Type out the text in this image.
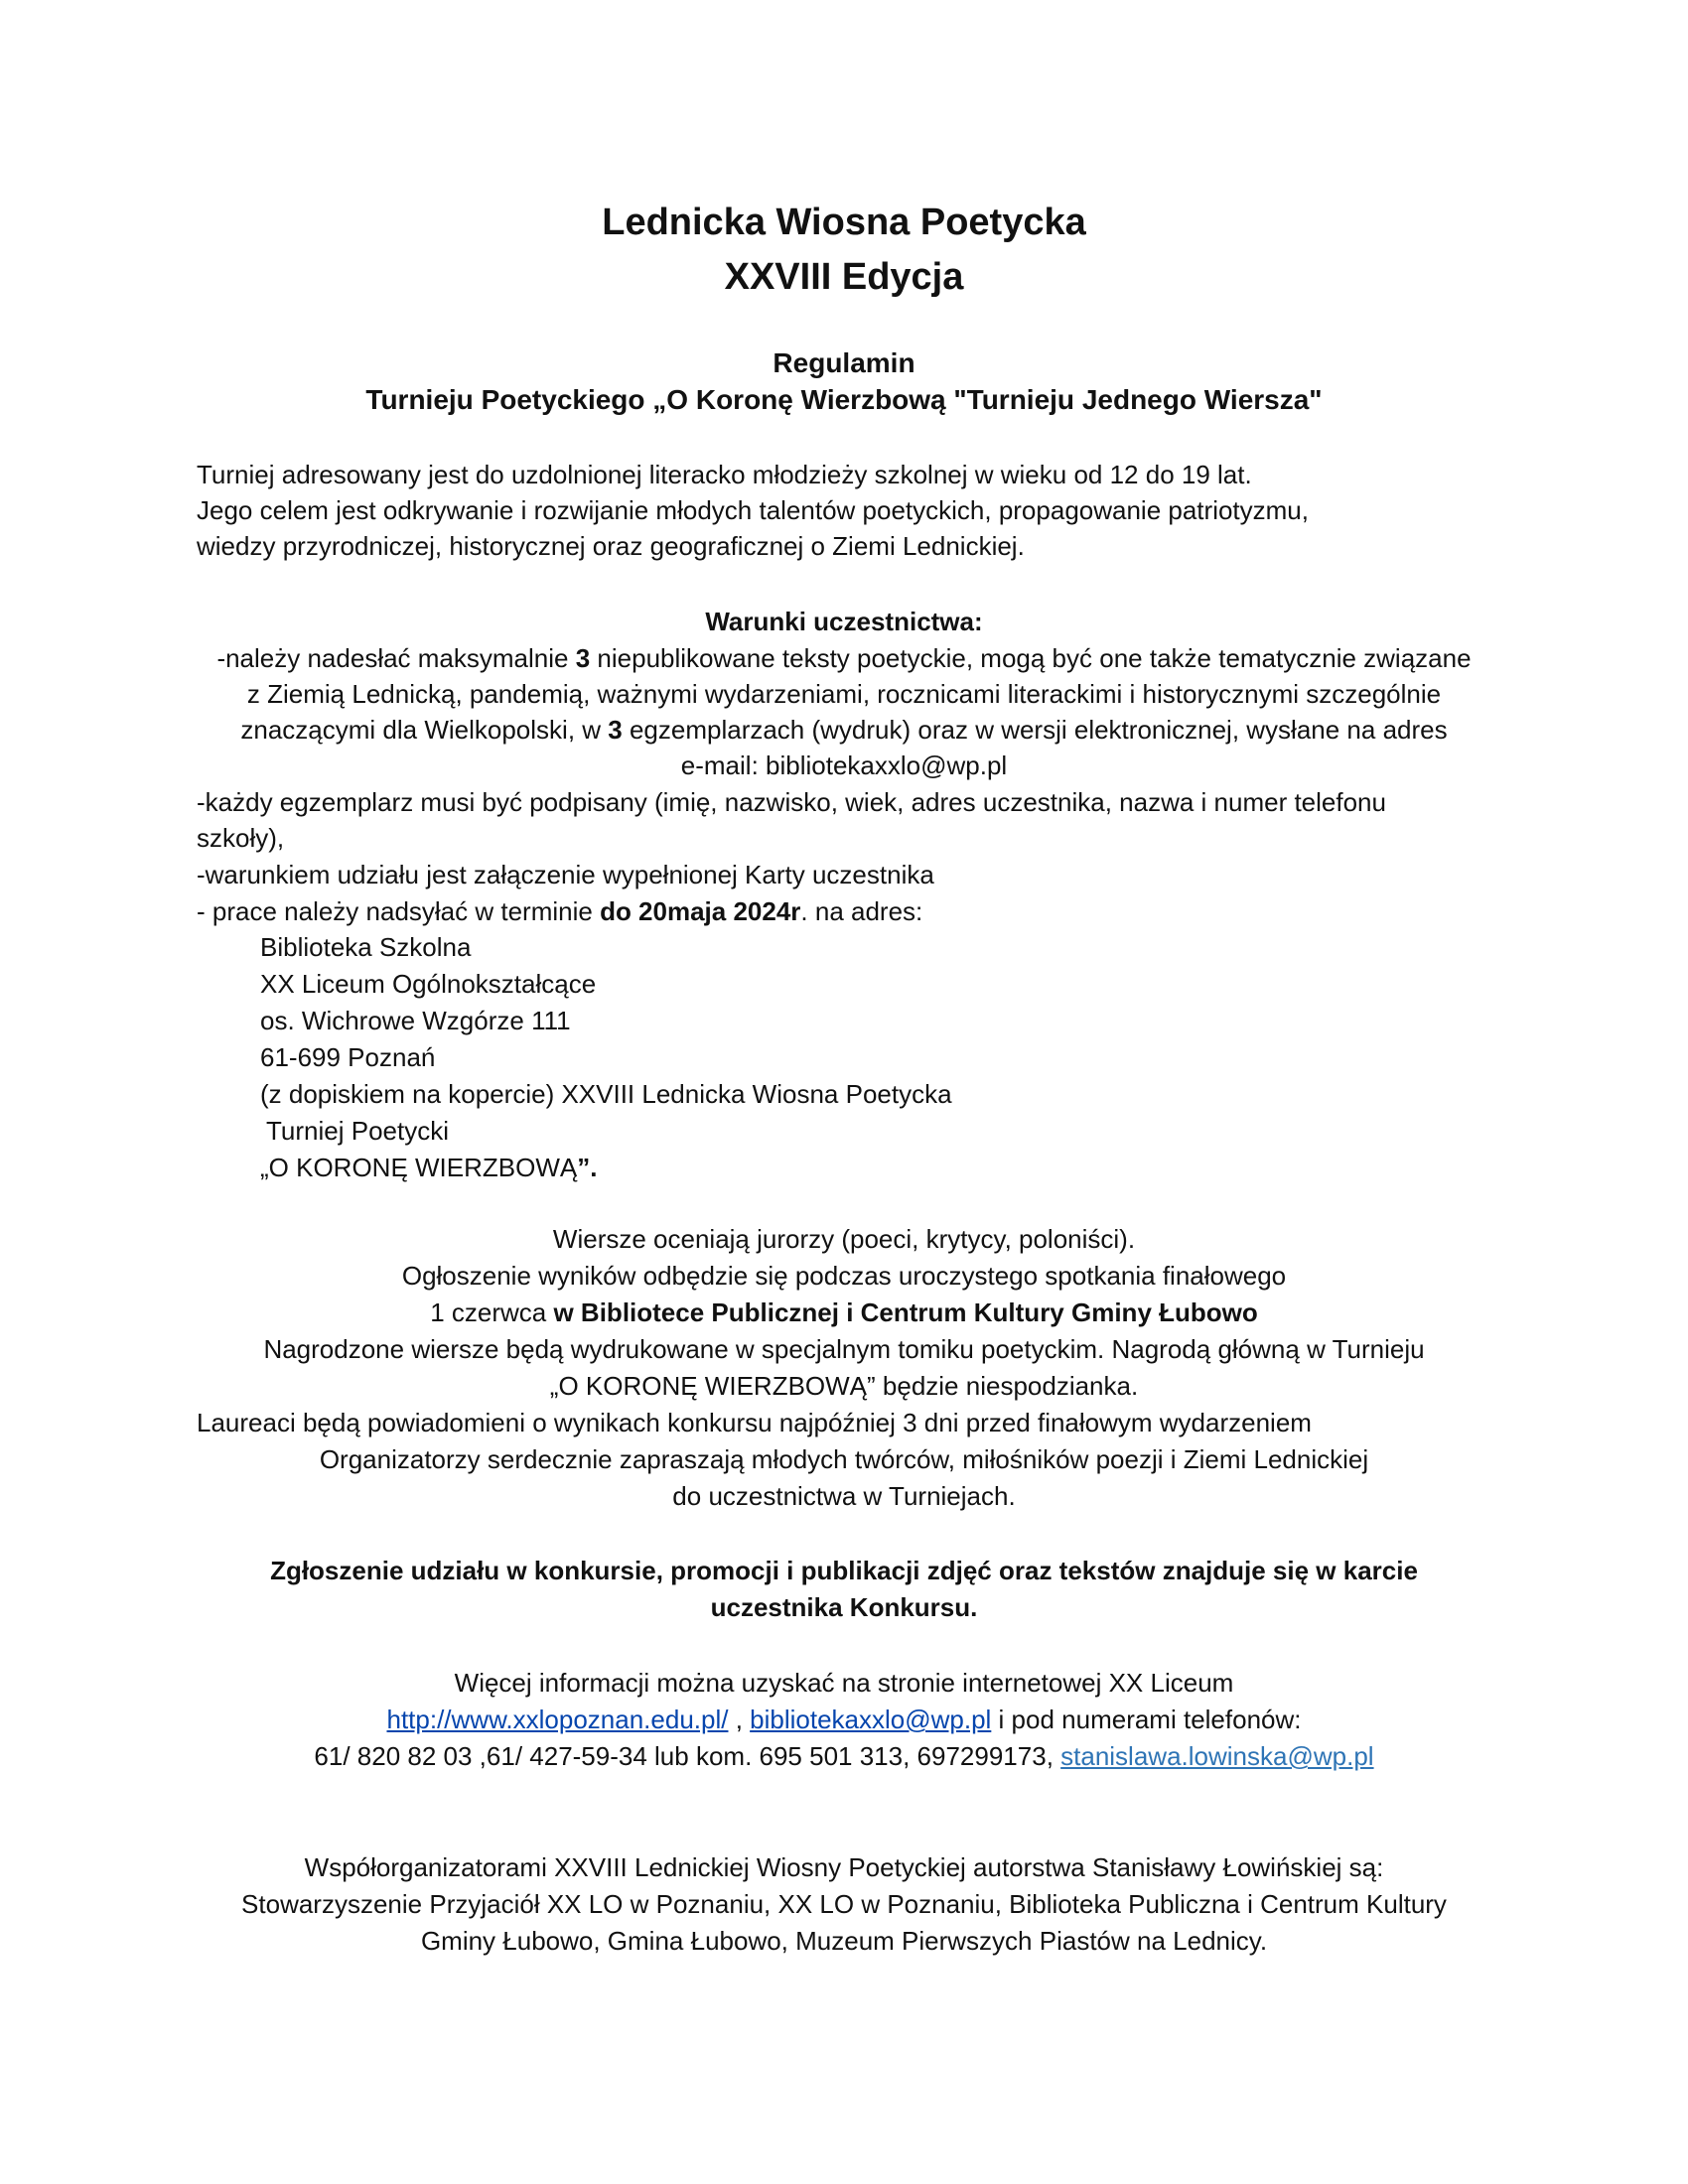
Lednicka Wiosna Poetycka
XXVIII Edycja
Regulamin
Turnieju Poetyckiego „O Koronę Wierzbową "Turnieju Jednego Wiersza"
Turniej adresowany jest do uzdolnionej literacko młodzieży szkolnej w wieku od 12 do 19 lat.
Jego celem jest odkrywanie i rozwijanie młodych talentów poetyckich, propagowanie patriotyzmu,
wiedzy przyrodniczej, historycznej oraz geograficznej o Ziemi Lednickiej.
Warunki uczestnictwa:
-należy nadesłać maksymalnie 3 niepublikowane teksty poetyckie, mogą być one także tematycznie związane
z Ziemią Lednicką, pandemią, ważnymi wydarzeniami, rocznicami literackimi i historycznymi szczególnie
znaczącymi dla Wielkopolski, w 3 egzemplarzach (wydruk) oraz w wersji elektronicznej, wysłane na adres
e-mail: bibliotekaxxlo@wp.pl
-każdy egzemplarz musi być podpisany (imię, nazwisko, wiek, adres uczestnika, nazwa i numer telefonu
szkoły),
-warunkiem udziału jest załączenie wypełnionej Karty uczestnika
- prace należy nadsyłać w terminie do 20maja 2024r. na adres:
Biblioteka Szkolna
XX Liceum Ogólnokształcące
os. Wichrowe Wzgórze 111
61-699 Poznań
(z dopiskiem na kopercie) XXVIII Lednicka Wiosna Poetycka
Turniej Poetycki
„O KORONĘ WIERZBOWĄ”.
Wiersze oceniają jurorzy (poeci, krytycy, poloniści).
Ogłoszenie wyników odbędzie się podczas uroczystego spotkania finałowego
1 czerwca w Bibliotece Publicznej i Centrum Kultury Gminy Łubowo
Nagrodzone wiersze będą wydrukowane w specjalnym tomiku poetyckim. Nagrodą główną w Turnieju
„O KORONĘ WIERZBOWĄ” będzie niespodzianka.
Laureaci będą powiadomieni o wynikach konkursu najpóźniej 3 dni przed finałowym wydarzeniem
Organizatorzy serdecznie zapraszają młodych twórców, miłośników poezji i Ziemi Lednickiej
do uczestnictwa w Turniejach.
Zgłoszenie udziału w konkursie, promocji i publikacji zdjęć oraz tekstów znajduje się w karcie
uczestnika Konkursu.
Więcej informacji można uzyskać na stronie internetowej XX Liceum
http://www.xxlopoznan.edu.pl/ , bibliotekaxxlo@wp.pl i pod numerami telefonów:
61/ 820 82 03 ,61/ 427-59-34 lub kom. 695 501 313, 697299173, stanislawa.lowinska@wp.pl
Współorganizatorami XXVIII Lednickiej Wiosny Poetyckiej autorstwa Stanisławy Łowińskiej są:
Stowarzyszenie Przyjaciół XX LO w Poznaniu, XX LO w Poznaniu, Biblioteka Publiczna i Centrum Kultury
Gminy Łubowo, Gmina Łubowo, Muzeum Pierwszych Piastów na Lednicy.
